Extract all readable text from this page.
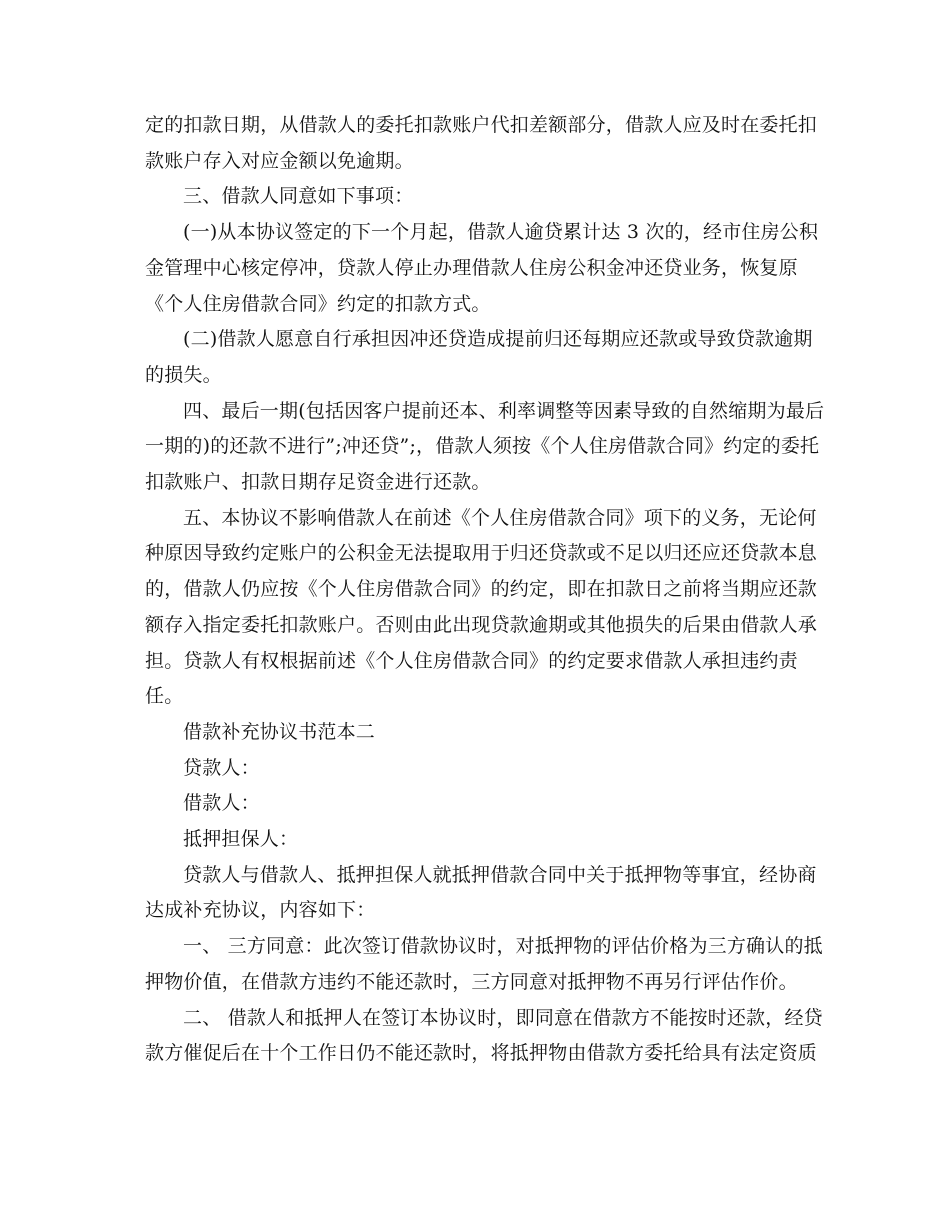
定的扣款日期，从借款人的委托扣款账户代扣差额部分，借款人应及时在委托扣

款账户存入对应金额以免逾期。

三、借款人同意如下事项：

(一)从本协议签定的下一个月起，借款人逾贷累计达 3 次的，经市住房公积

金管理中心核定停冲，贷款人停止办理借款人住房公积金冲还贷业务，恢复原

《个人住房借款合同》约定的扣款方式。

(二)借款人愿意自行承担因冲还贷造成提前归还每期应还款或导致贷款逾期

的损失。

四、最后一期(包括因客户提前还本、利率调整等因素导致的自然缩期为最后

一期的)的还款不进行”;冲还贷”;，借款人须按《个人住房借款合同》约定的委托

扣款账户、扣款日期存足资金进行还款。

五、本协议不影响借款人在前述《个人住房借款合同》项下的义务，无论何

种原因导致约定账户的公积金无法提取用于归还贷款或不足以归还应还贷款本息

的，借款人仍应按《个人住房借款合同》的约定，即在扣款日之前将当期应还款

额存入指定委托扣款账户。否则由此出现贷款逾期或其他损失的后果由借款人承

担。贷款人有权根据前述《个人住房借款合同》的约定要求借款人承担违约责

任。

借款补充协议书范本二

贷款人：

借款人：

抵押担保人：

贷款人与借款人、抵押担保人就抵押借款合同中关于抵押物等事宜，经协商

达成补充协议，内容如下：

一、 三方同意：此次签订借款协议时，对抵押物的评估价格为三方确认的抵

押物价值，在借款方违约不能还款时，三方同意对抵押物不再另行评估作价。

二、 借款人和抵押人在签订本协议时，即同意在借款方不能按时还款，经贷

款方催促后在十个工作日仍不能还款时，将抵押物由借款方委托给具有法定资质
